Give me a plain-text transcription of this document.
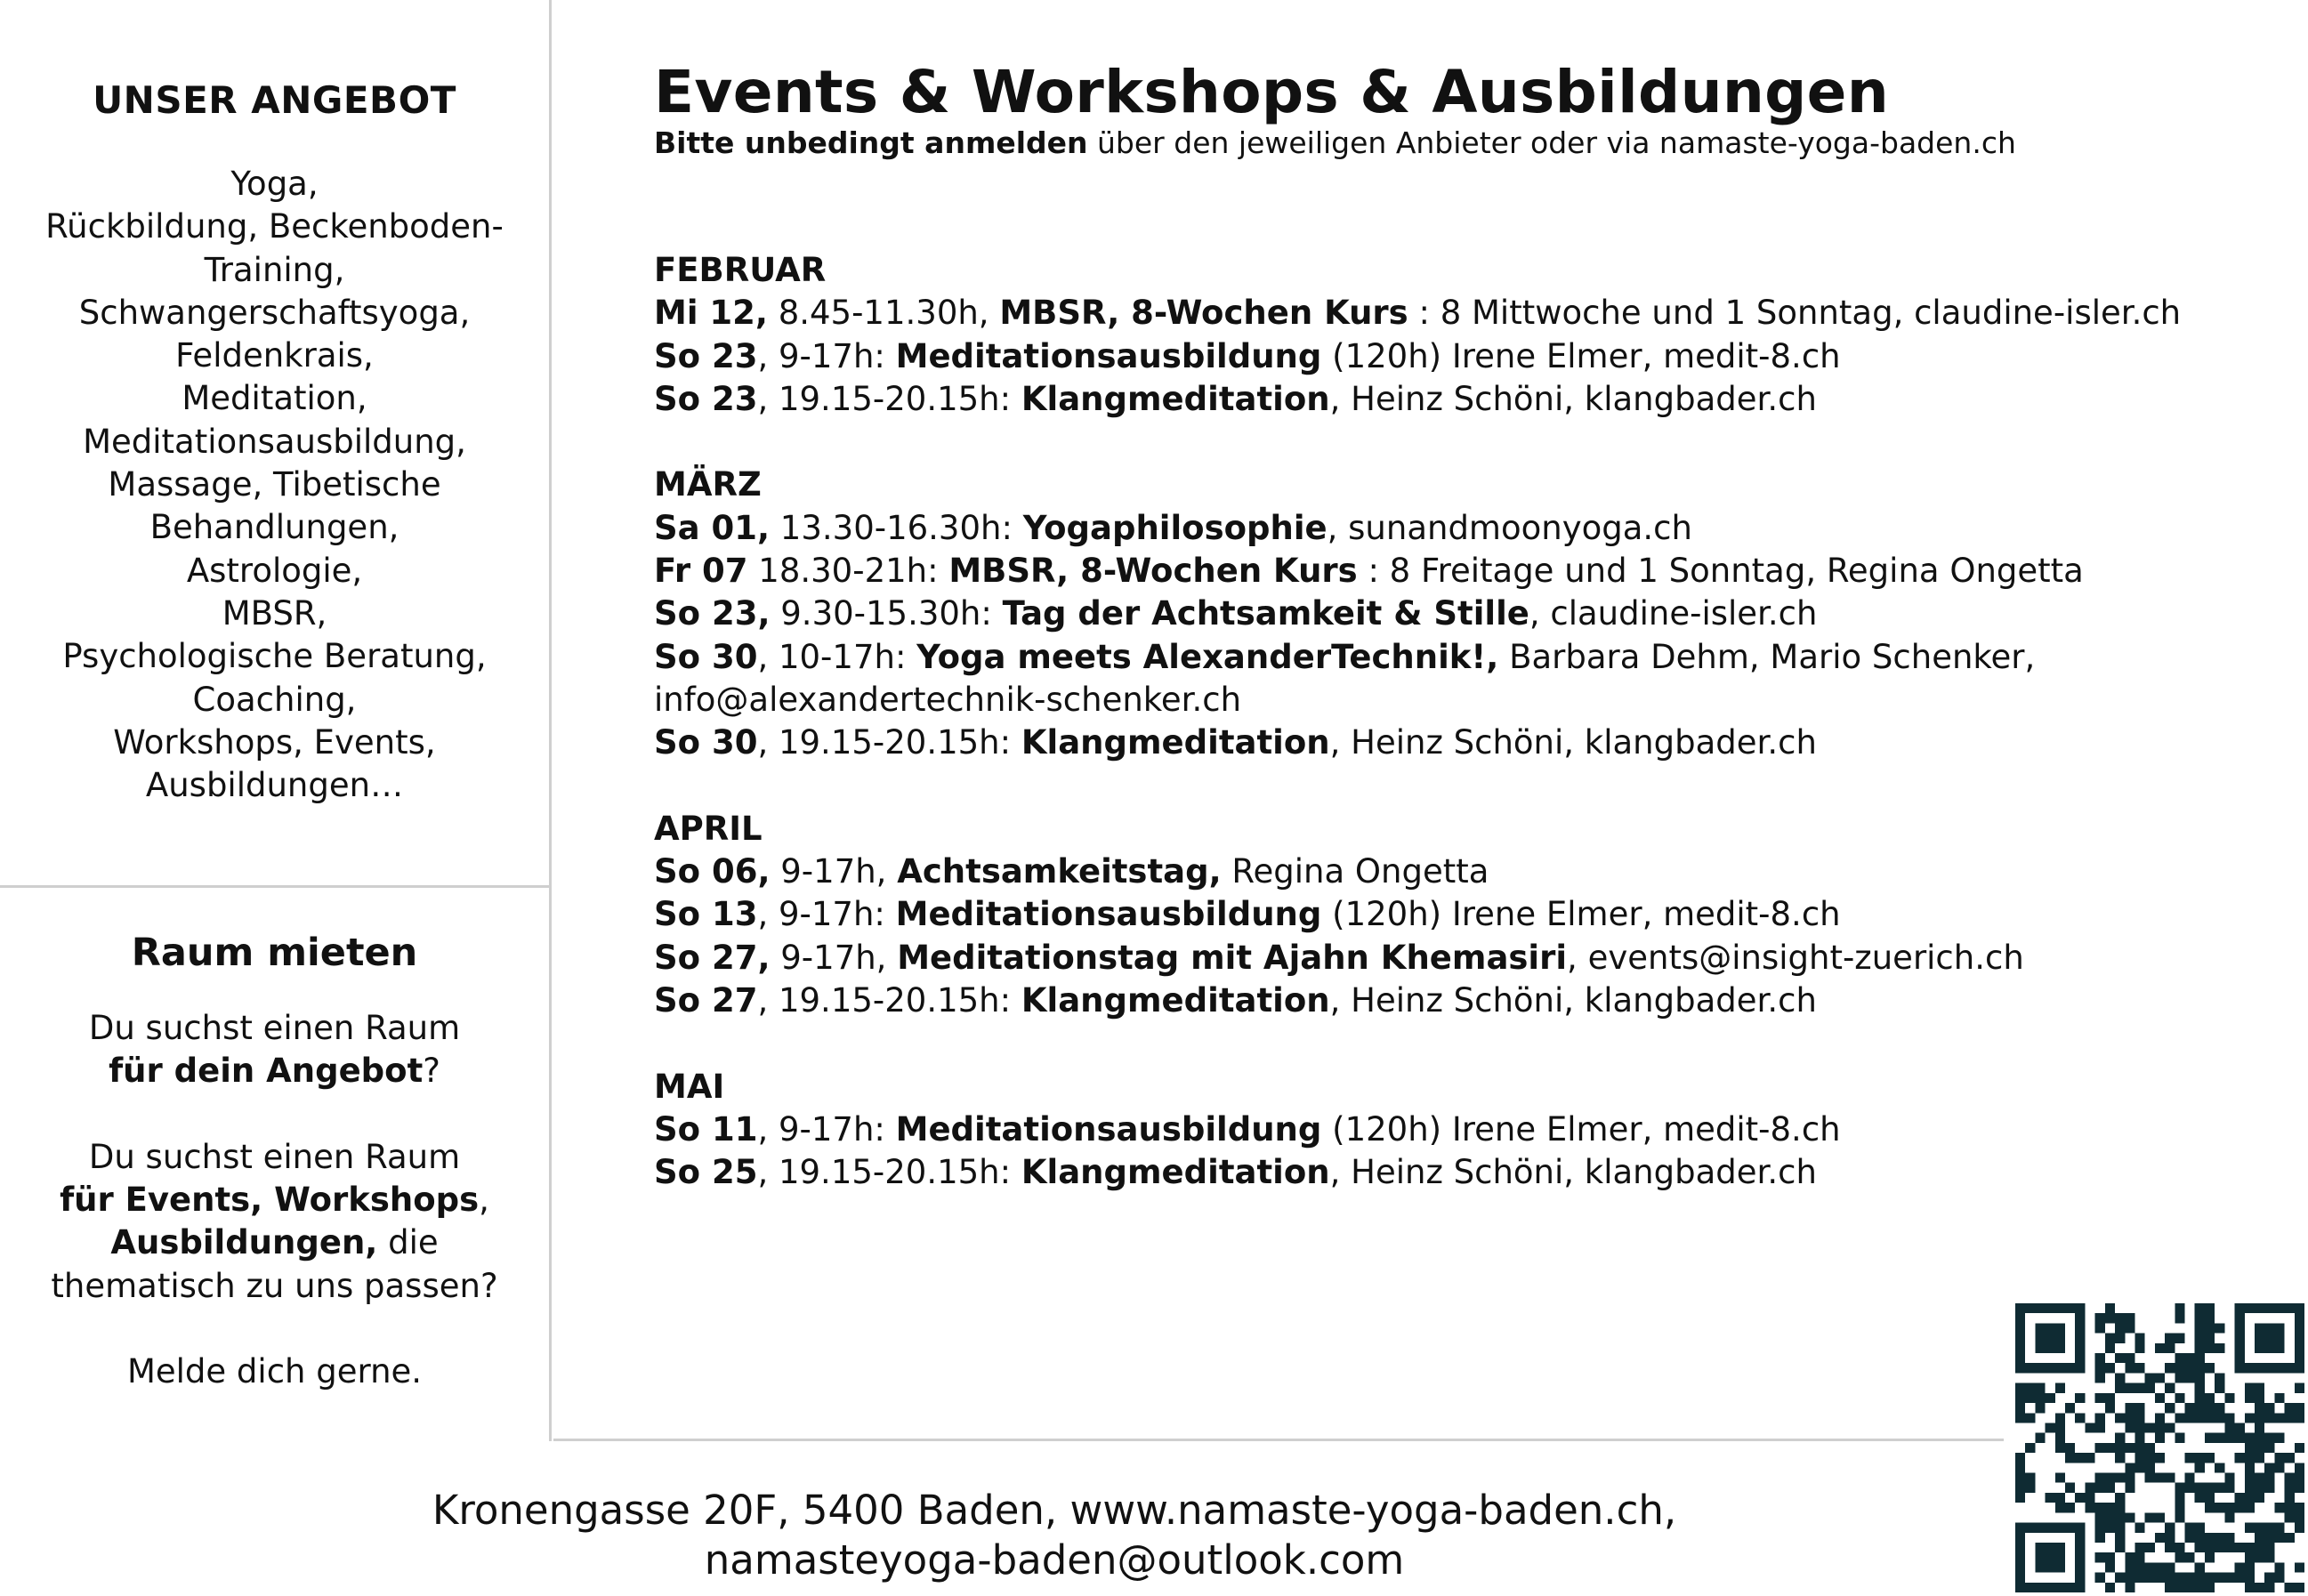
UNSER ANGEBOT
Yoga,
Rückbildung, Beckenboden-
Training,
Schwangerschaftsyoga,
Feldenkrais,
Meditation,
Meditationsausbildung,
Massage, Tibetische
Behandlungen,
Astrologie,
MBSR,
Psychologische Beratung,
Coaching,
Workshops, Events,
Ausbildungen…
Raum mieten
Du suchst einen Raum
für dein Angebot?
Du suchst einen Raum
für Events, Workshops,
Ausbildungen, die
thematisch zu uns passen?
Melde dich gerne.
Events & Workshops & Ausbildungen
Bitte unbedingt anmelden über den jeweiligen Anbieter oder via namaste-yoga-baden.ch
FEBRUAR
Mi 12, 8.45-11.30h, MBSR, 8-Wochen Kurs : 8 Mittwoche und 1 Sonntag, claudine-isler.ch
So 23, 9-17h: Meditationsausbildung (120h) Irene Elmer, medit-8.ch
So 23, 19.15-20.15h: Klangmeditation, Heinz Schöni, klangbader.ch
MÄRZ
Sa 01, 13.30-16.30h: Yogaphilosophie, sunandmoonyoga.ch
Fr 07 18.30-21h: MBSR, 8-Wochen Kurs : 8 Freitage und 1 Sonntag, Regina Ongetta
So 23, 9.30-15.30h: Tag der Achtsamkeit & Stille, claudine-isler.ch
So 30, 10-17h: Yoga meets AlexanderTechnik!, Barbara Dehm, Mario Schenker, info@alexandertechnik-schenker.ch
So 30, 19.15-20.15h: Klangmeditation, Heinz Schöni, klangbader.ch
APRIL
So 06, 9-17h, Achtsamkeitstag, Regina Ongetta
So 13, 9-17h: Meditationsausbildung (120h) Irene Elmer, medit-8.ch
So 27, 9-17h, Meditationstag mit Ajahn Khemasiri, events@insight-zuerich.ch
So 27, 19.15-20.15h: Klangmeditation, Heinz Schöni, klangbader.ch
MAI
So 11, 9-17h: Meditationsausbildung (120h) Irene Elmer, medit-8.ch
So 25, 19.15-20.15h: Klangmeditation, Heinz Schöni, klangbader.ch
Kronengasse 20F, 5400 Baden, www.namaste-yoga-baden.ch,
namasteyoga-baden@outlook.com
